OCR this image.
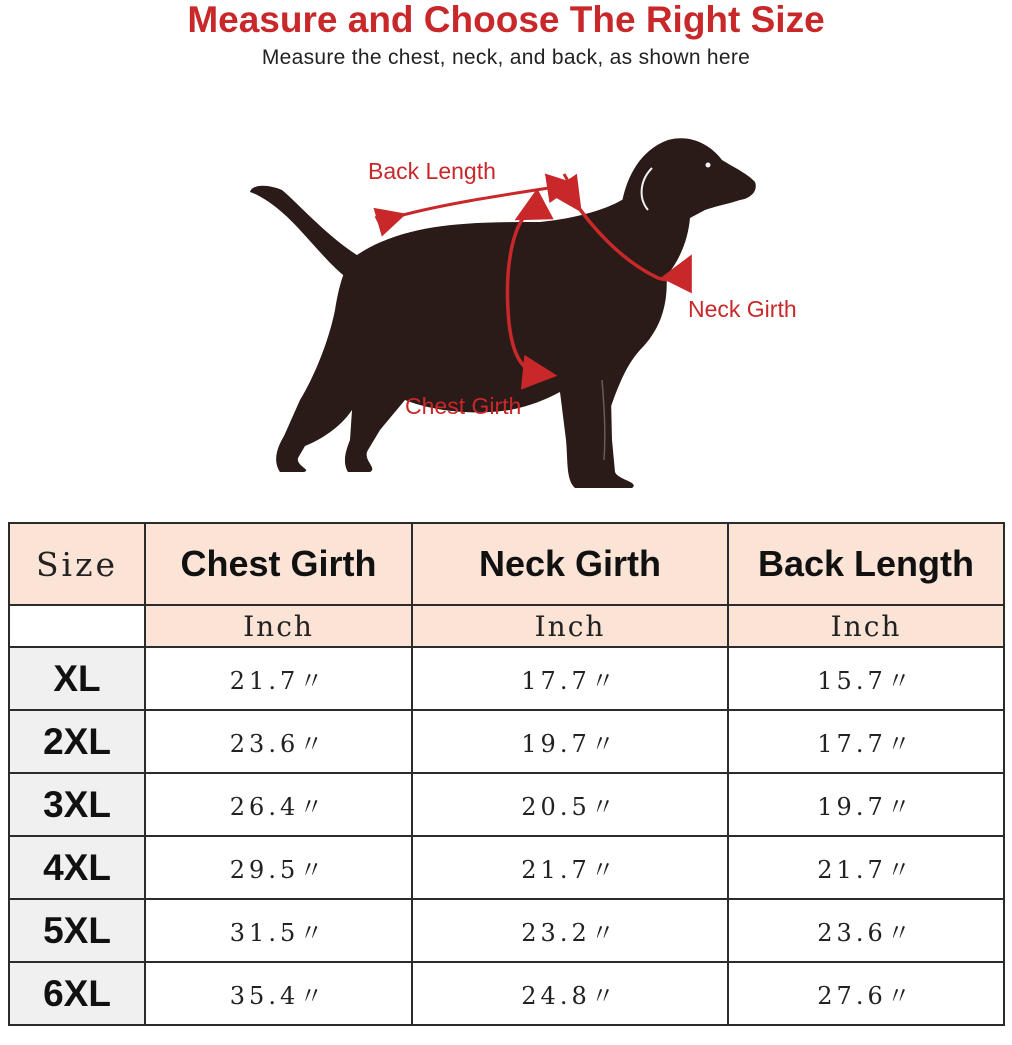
Measure and Choose The Right Size
Measure the chest, neck, and back, as shown here
Back Length
Neck Girth
Chest Girth
Size	Chest Girth	Neck Girth	Back Length
	Inch	Inch	Inch
XL	21.7〃	17.7〃	15.7〃
2XL	23.6〃	19.7〃	17.7〃
3XL	26.4〃	20.5〃	19.7〃
4XL	29.5〃	21.7〃	21.7〃
5XL	31.5〃	23.2〃	23.6〃
6XL	35.4〃	24.8〃	27.6〃
